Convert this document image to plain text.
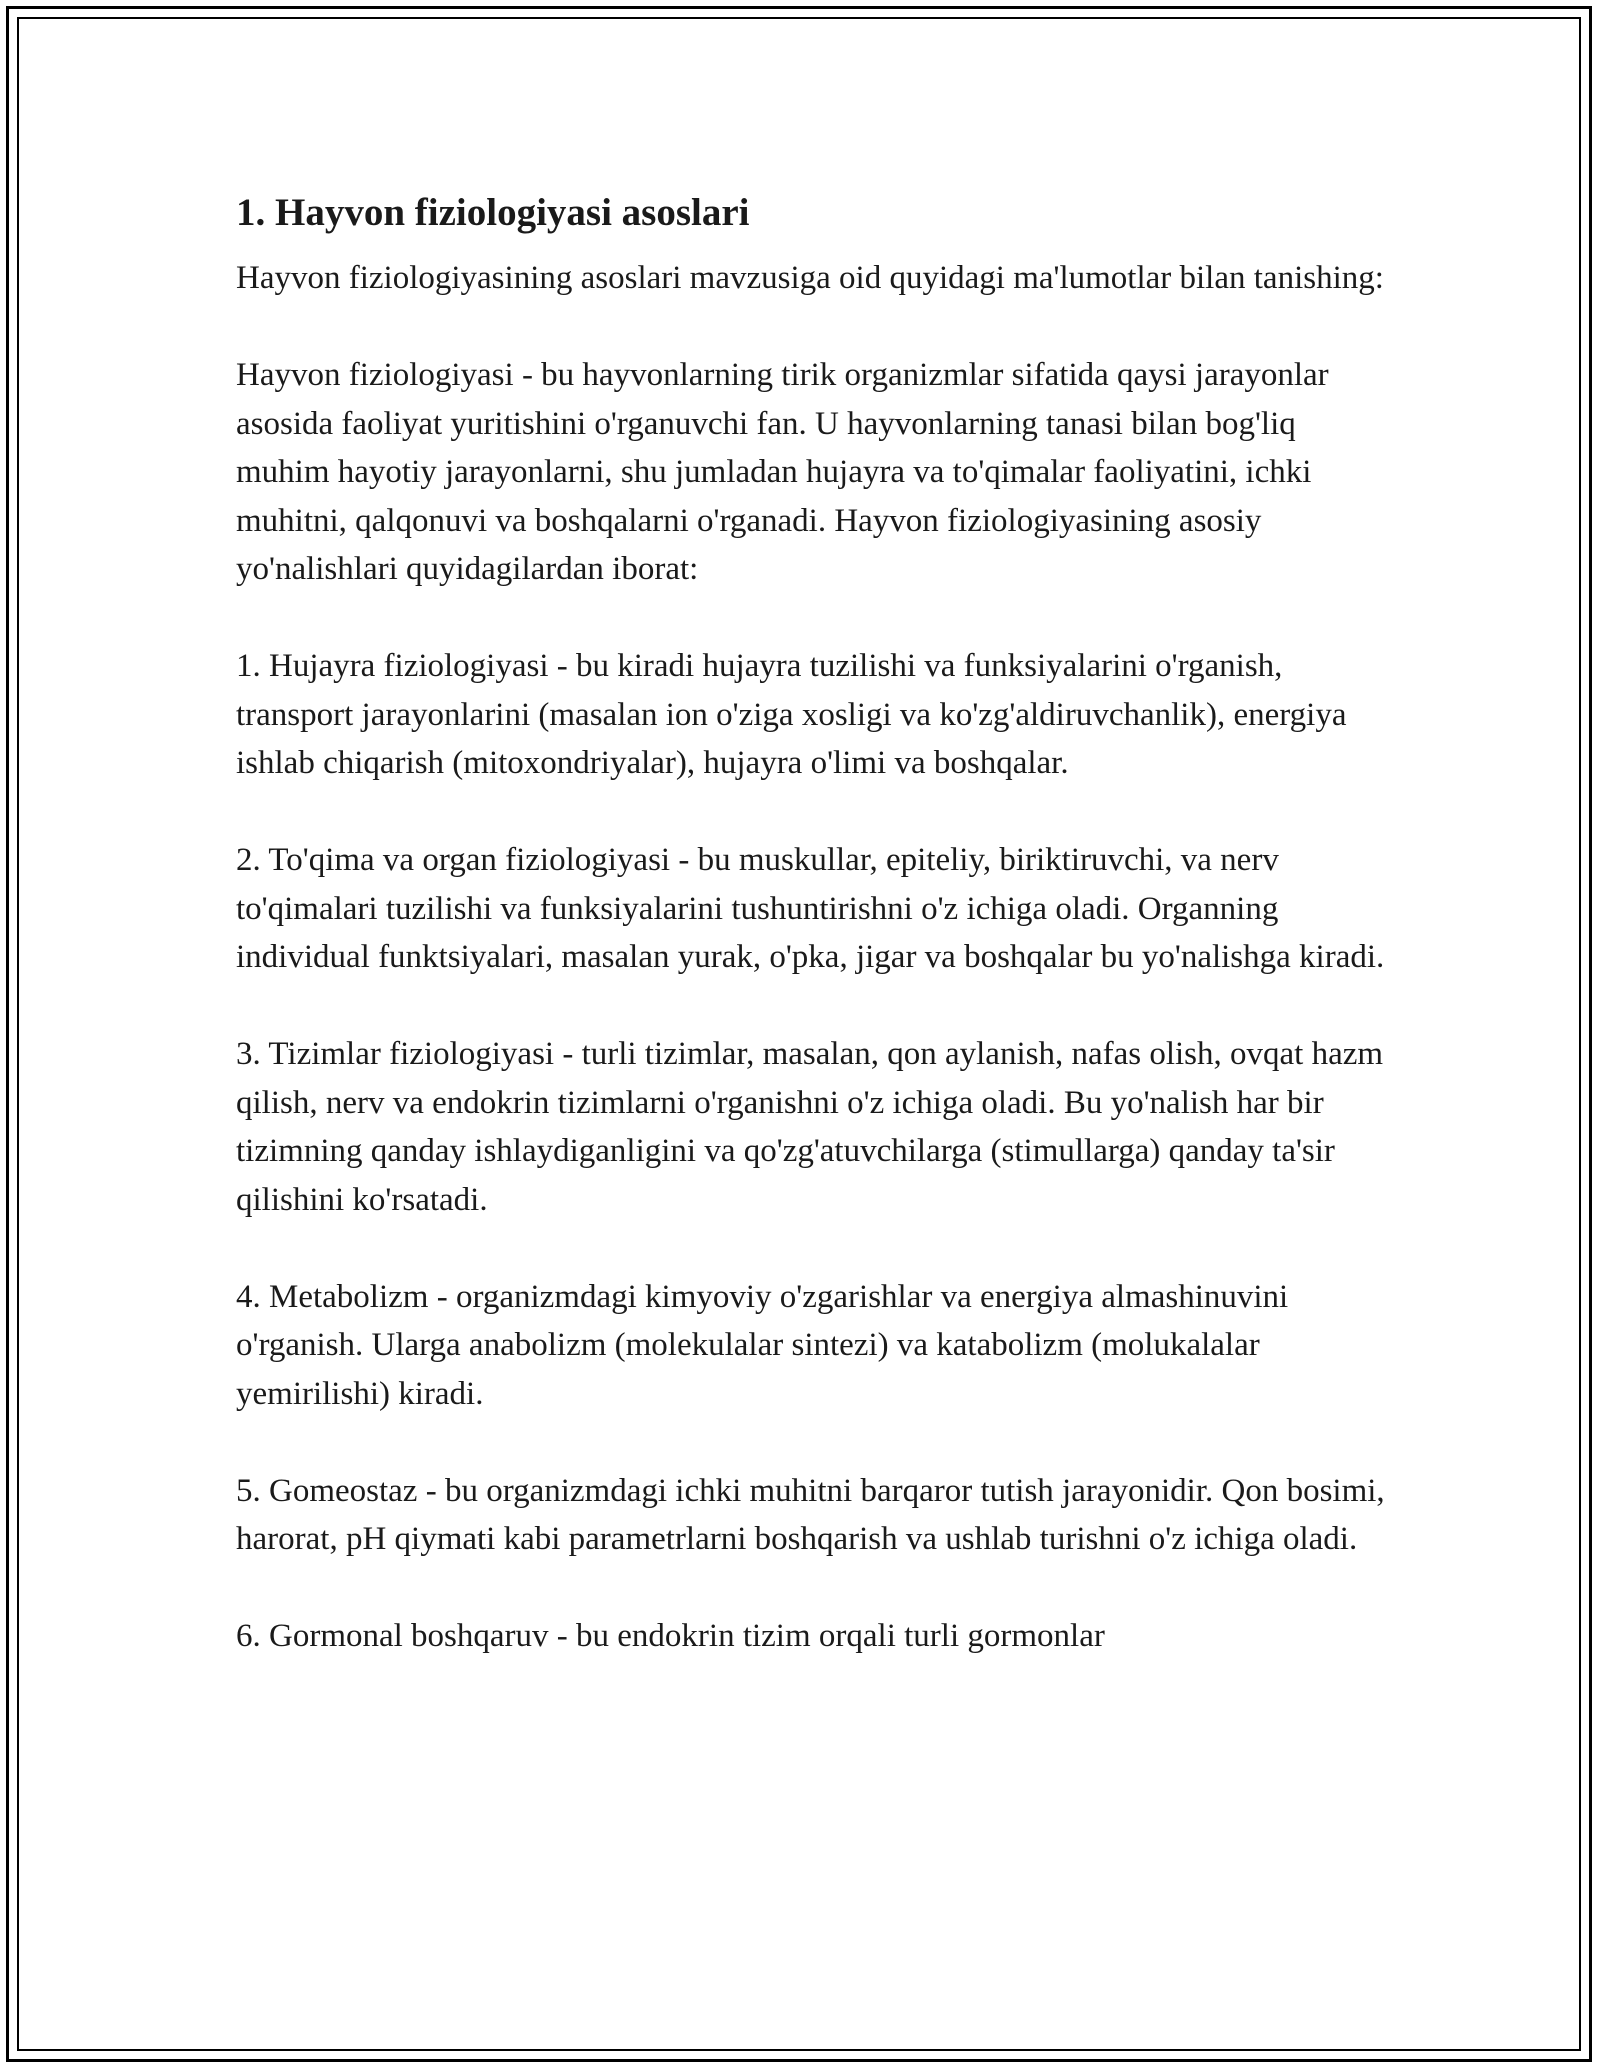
1. Hayvon fiziologiyasi asoslari
Hayvon fiziologiyasining asoslari mavzusiga oid quyidagi ma'lumotlar bilan tanishing:
Hayvon fiziologiyasi - bu hayvonlarning tirik organizmlar sifatida qaysi jarayonlar asosida faoliyat yuritishini o'rganuvchi fan. U hayvonlarning tanasi bilan bog'liq muhim hayotiy jarayonlarni, shu jumladan hujayra va to'qimalar faoliyatini, ichki muhitni, qalqonuvi va boshqalarni o'rganadi. Hayvon fiziologiyasining asosiy yo'nalishlari quyidagilardan iborat:
1. Hujayra fiziologiyasi - bu kiradi hujayra tuzilishi va funksiyalarini o'rganish, transport jarayonlarini (masalan ion o'ziga xosligi va ko'zg'aldiruvchanlik), energiya ishlab chiqarish (mitoxondriyalar), hujayra o'limi va boshqalar.
2. To'qima va organ fiziologiyasi - bu muskullar, epiteliy, biriktiruvchi, va nerv to'qimalari tuzilishi va funksiyalarini tushuntirishni o'z ichiga oladi. Organning individual funktsiyalari, masalan yurak, o'pka, jigar va boshqalar bu yo'nalishga kiradi.
3. Tizimlar fiziologiyasi - turli tizimlar, masalan, qon aylanish, nafas olish, ovqat hazm qilish, nerv va endokrin tizimlarni o'rganishni o'z ichiga oladi. Bu yo'nalish har bir tizimning qanday ishlaydiganligini va qo'zg'atuvchilarga (stimullarga) qanday ta'sir qilishini ko'rsatadi.
4. Metabolizm - organizmdagi kimyoviy o'zgarishlar va energiya almashinuvini o'rganish. Ularga anabolizm (molekulalar sintezi) va katabolizm (molukalalar yemirilishi) kiradi.
5. Gomeostaz - bu organizmdagi ichki muhitni barqaror tutish jarayonidir. Qon bosimi, harorat, pH qiymati kabi parametrlarni boshqarish va ushlab turishni o'z ichiga oladi.
6. Gormonal boshqaruv - bu endokrin tizim orqali turli gormonlar
